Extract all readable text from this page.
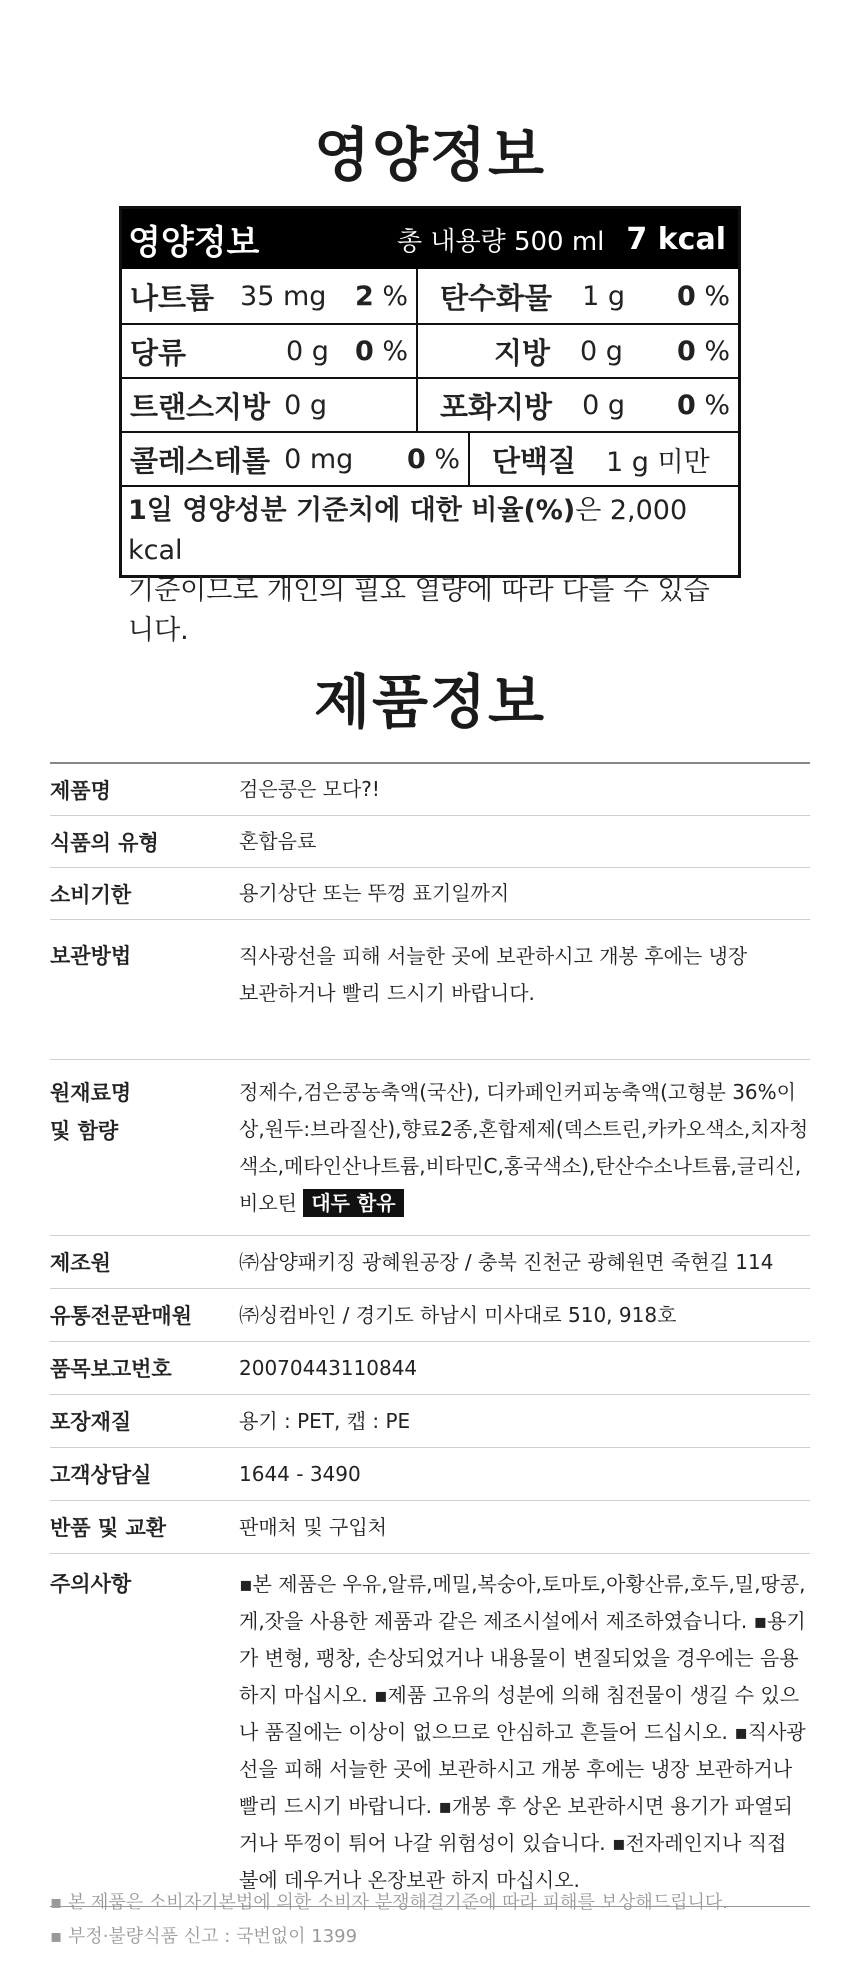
영양정보
영양정보	총 내용량 500 ml 7 kcal
나트륨 35 mg 2 % 탄수화물 1 g 0 %
당류	0 g 0 %	지방 0 g 0 %
트랜스지방 0 g	포화지방 0 g 0 %
콜레스테롤 0 mg 0 % 단백질 1 g 미만
1일 영양성분 기준치에 대한 비율(%)은 2,000 kcal
기준이므로 개인의 필요 열량에 따라 다를 수 있습니다.
제품정보
제품명	검은콩은 모다?!
식품의 유형	혼합음료
소비기한	용기상단 또는 뚜껑 표기일까지
보관방법	직사광선을 피해 서늘한 곳에 보관하시고 개봉 후에는 냉장 보관하거나 빨리 드시기 바랍니다.
원재료명
및 함량
정제수,검은콩농축액(국산), 디카페인커피농축액(고형분 36%이상,원두:브라질산),향료2종,혼합제제(덱스트린,카카오색소,치자청색소,메타인산나트륨,비타민C,홍국색소),탄산수소나트륨,글리신,비오틴 대두 함유
제조원	㈜삼양패키징 광혜원공장 / 충북 진천군 광혜원면 죽현길 114
유통전문판매원	㈜싱컴바인 / 경기도 하남시 미사대로 510, 918호
품목보고번호	20070443110844
포장재질	용기 : PET, 캡 : PE
고객상담실	1644 - 3490
반품 및 교환	판매처 및 구입처
주의사항	▪본 제품은 우유,알류,메밀,복숭아,토마토,아황산류,호두,밀,땅콩,게,잣을 사용한 제품과 같은 제조시설에서 제조하였습니다. ▪용기가 변형, 팽창, 손상되었거나 내용물이 변질되었을 경우에는 음용하지 마십시오. ▪제품 고유의 성분에 의해 침전물이 생길 수 있으나 품질에는 이상이 없으므로 안심하고 흔들어 드십시오. ▪직사광선을 피해 서늘한 곳에 보관하시고 개봉 후에는 냉장 보관하거나 빨리 드시기 바랍니다. ▪개봉 후 상온 보관하시면 용기가 파열되거나 뚜껑이 튀어 나갈 위험성이 있습니다. ▪전자레인지나 직접 불에 데우거나 온장보관 하지 마십시오.
▪ 본 제품은 소비자기본법에 의한 소비자 분쟁해결기준에 따라 피해를 보상해드립니다.
▪ 부정·불량식품 신고 : 국번없이 1399
